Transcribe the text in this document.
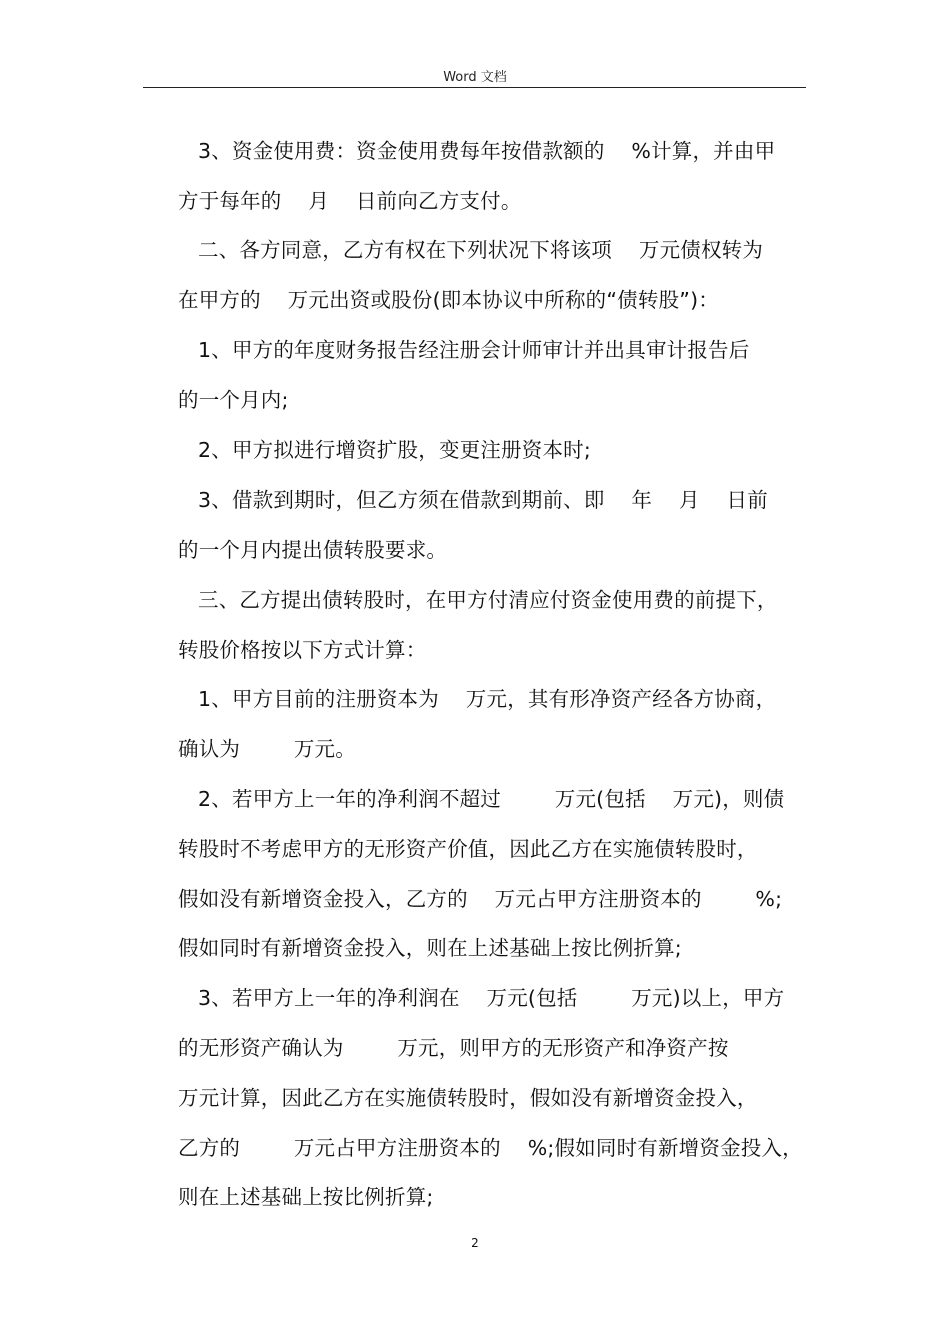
Word 文档
3、资金使用费：资金使用费每年按借款额的    %计算，并由甲
方于每年的    月    日前向乙方支付。
二、各方同意，乙方有权在下列状况下将该项    万元债权转为
在甲方的    万元出资或股份(即本协议中所称的“债转股”)：
1、甲方的年度财务报告经注册会计师审计并出具审计报告后
的一个月内;
2、甲方拟进行增资扩股，变更注册资本时;
3、借款到期时，但乙方须在借款到期前、即    年    月    日前
的一个月内提出债转股要求。
三、乙方提出债转股时，在甲方付清应付资金使用费的前提下，
转股价格按以下方式计算：
1、甲方目前的注册资本为    万元，其有形净资产经各方协商，
确认为        万元。
2、若甲方上一年的净利润不超过        万元(包括    万元)，则债
转股时不考虑甲方的无形资产价值，因此乙方在实施债转股时，
假如没有新增资金投入，乙方的    万元占甲方注册资本的        %;
假如同时有新增资金投入，则在上述基础上按比例折算;
3、若甲方上一年的净利润在    万元(包括        万元)以上，甲方
的无形资产确认为        万元，则甲方的无形资产和净资产按
万元计算，因此乙方在实施债转股时，假如没有新增资金投入，
乙方的        万元占甲方注册资本的    %;假如同时有新增资金投入，
则在上述基础上按比例折算;
2
